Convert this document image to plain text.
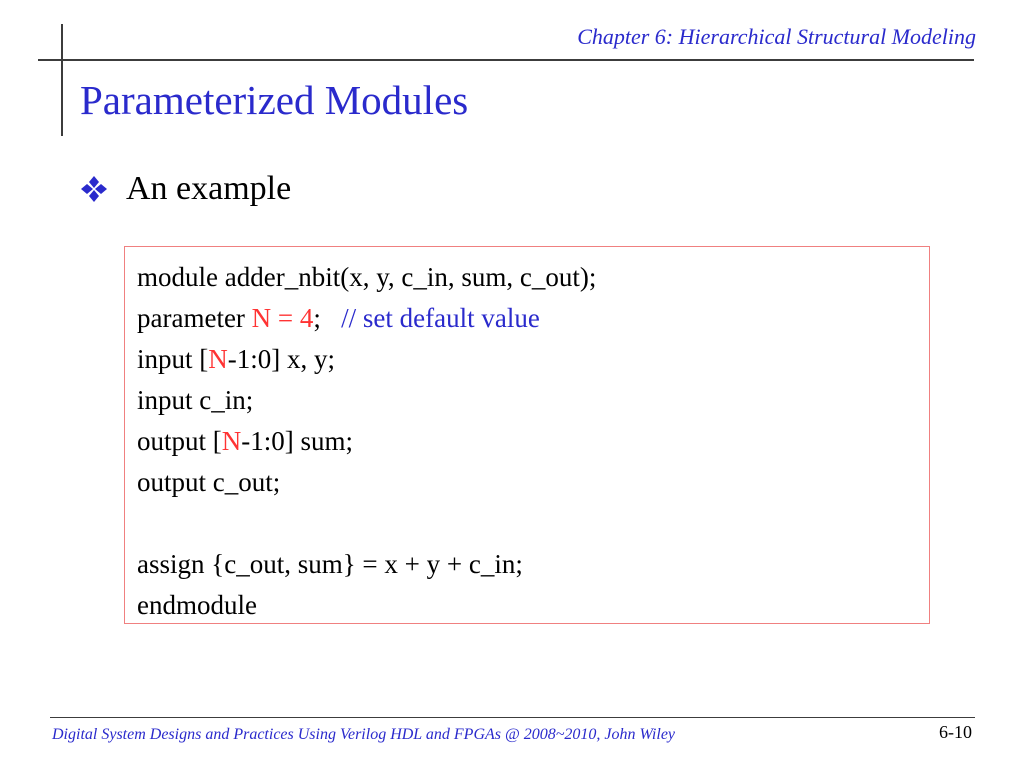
Chapter 6: Hierarchical Structural Modeling
Parameterized Modules
An example
module adder_nbit(x, y, c_in, sum, c_out);
parameter N = 4;   // set default value
input [N-1:0] x, y;
input c_in;
output [N-1:0] sum;
output c_out;
assign {c_out, sum} = x + y + c_in;
endmodule
Digital System Designs and Practices Using Verilog HDL and FPGAs @ 2008~2010, John Wiley	6-10
